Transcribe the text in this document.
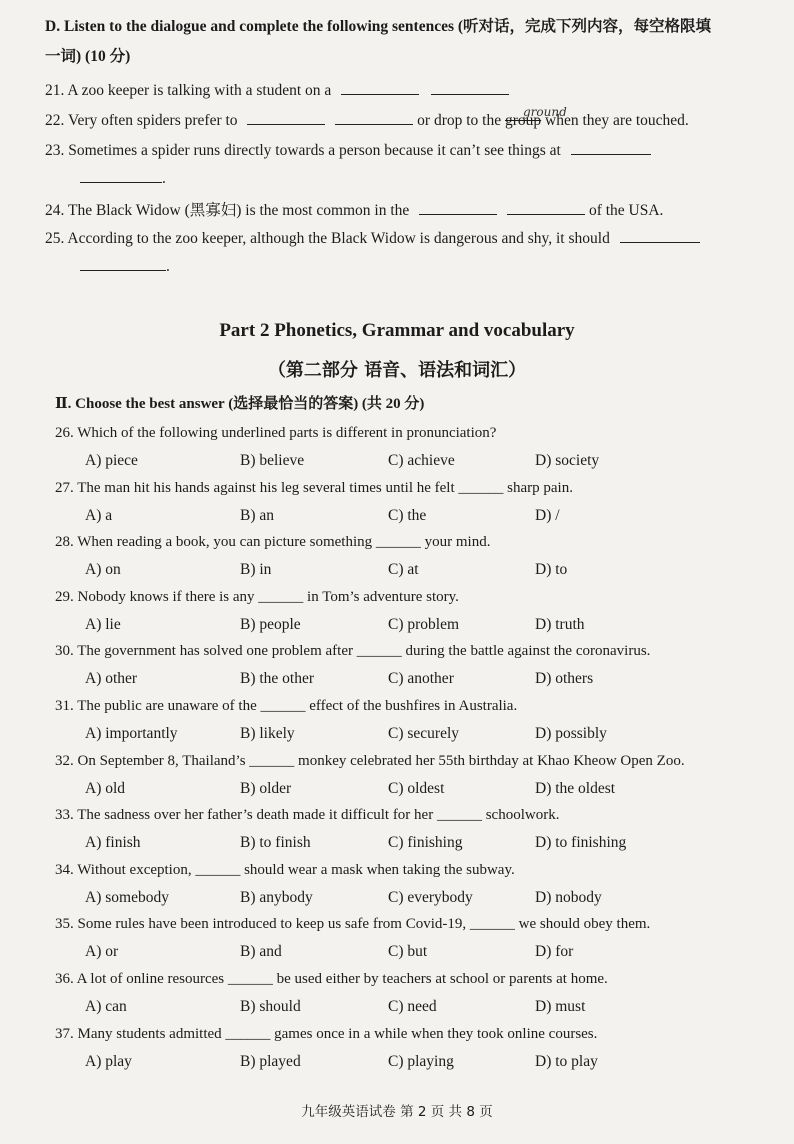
D. Listen to the dialogue and complete the following sentences (听对话，完成下列内容，每空格限填
一词) (10 分)
21. A zoo keeper is talking with a student on a
22. Very often spiders prefer to	or drop to the group when they are touched.
ground
23. Sometimes a spider runs directly towards a person because it can’t see things at
.
24. The Black Widow (黑寡妇) is the most common in the	of the USA.
25. According to the zoo keeper, although the Black Widow is dangerous and shy, it should
.
Part 2 Phonetics, Grammar and vocabulary
（第二部分 语音、语法和词汇）
Ⅱ. Choose the best answer (选择最恰当的答案) (共 20 分)
26. Which of the following underlined parts is different in pronunciation?
A) piece	B) believe	C) achieve	D) society
27. The man hit his hands against his leg several times until he felt ______ sharp pain.
A) a	B) an	C) the	D) /
28. When reading a book, you can picture something ______ your mind.
A) on	B) in	C) at	D) to
29. Nobody knows if there is any ______ in Tom’s adventure story.
A) lie	B) people	C) problem	D) truth
30. The government has solved one problem after ______ during the battle against the coronavirus.
A) other	B) the other	C) another	D) others
31. The public are unaware of the ______ effect of the bushfires in Australia.
A) importantly	B) likely	C) securely	D) possibly
32. On September 8, Thailand’s ______ monkey celebrated her 55th birthday at Khao Kheow Open Zoo.
A) old	B) older	C) oldest	D) the oldest
33. The sadness over her father’s death made it difficult for her ______ schoolwork.
A) finish	B) to finish	C) finishing	D) to finishing
34. Without exception, ______ should wear a mask when taking the subway.
A) somebody	B) anybody	C) everybody	D) nobody
35. Some rules have been introduced to keep us safe from Covid-19, ______ we should obey them.
A) or	B) and	C) but	D) for
36. A lot of online resources ______ be used either by teachers at school or parents at home.
A) can	B) should	C) need	D) must
37. Many students admitted ______ games once in a while when they took online courses.
A) play	B) played	C) playing	D) to play
九年级英语试卷 第 2 页 共 8 页
